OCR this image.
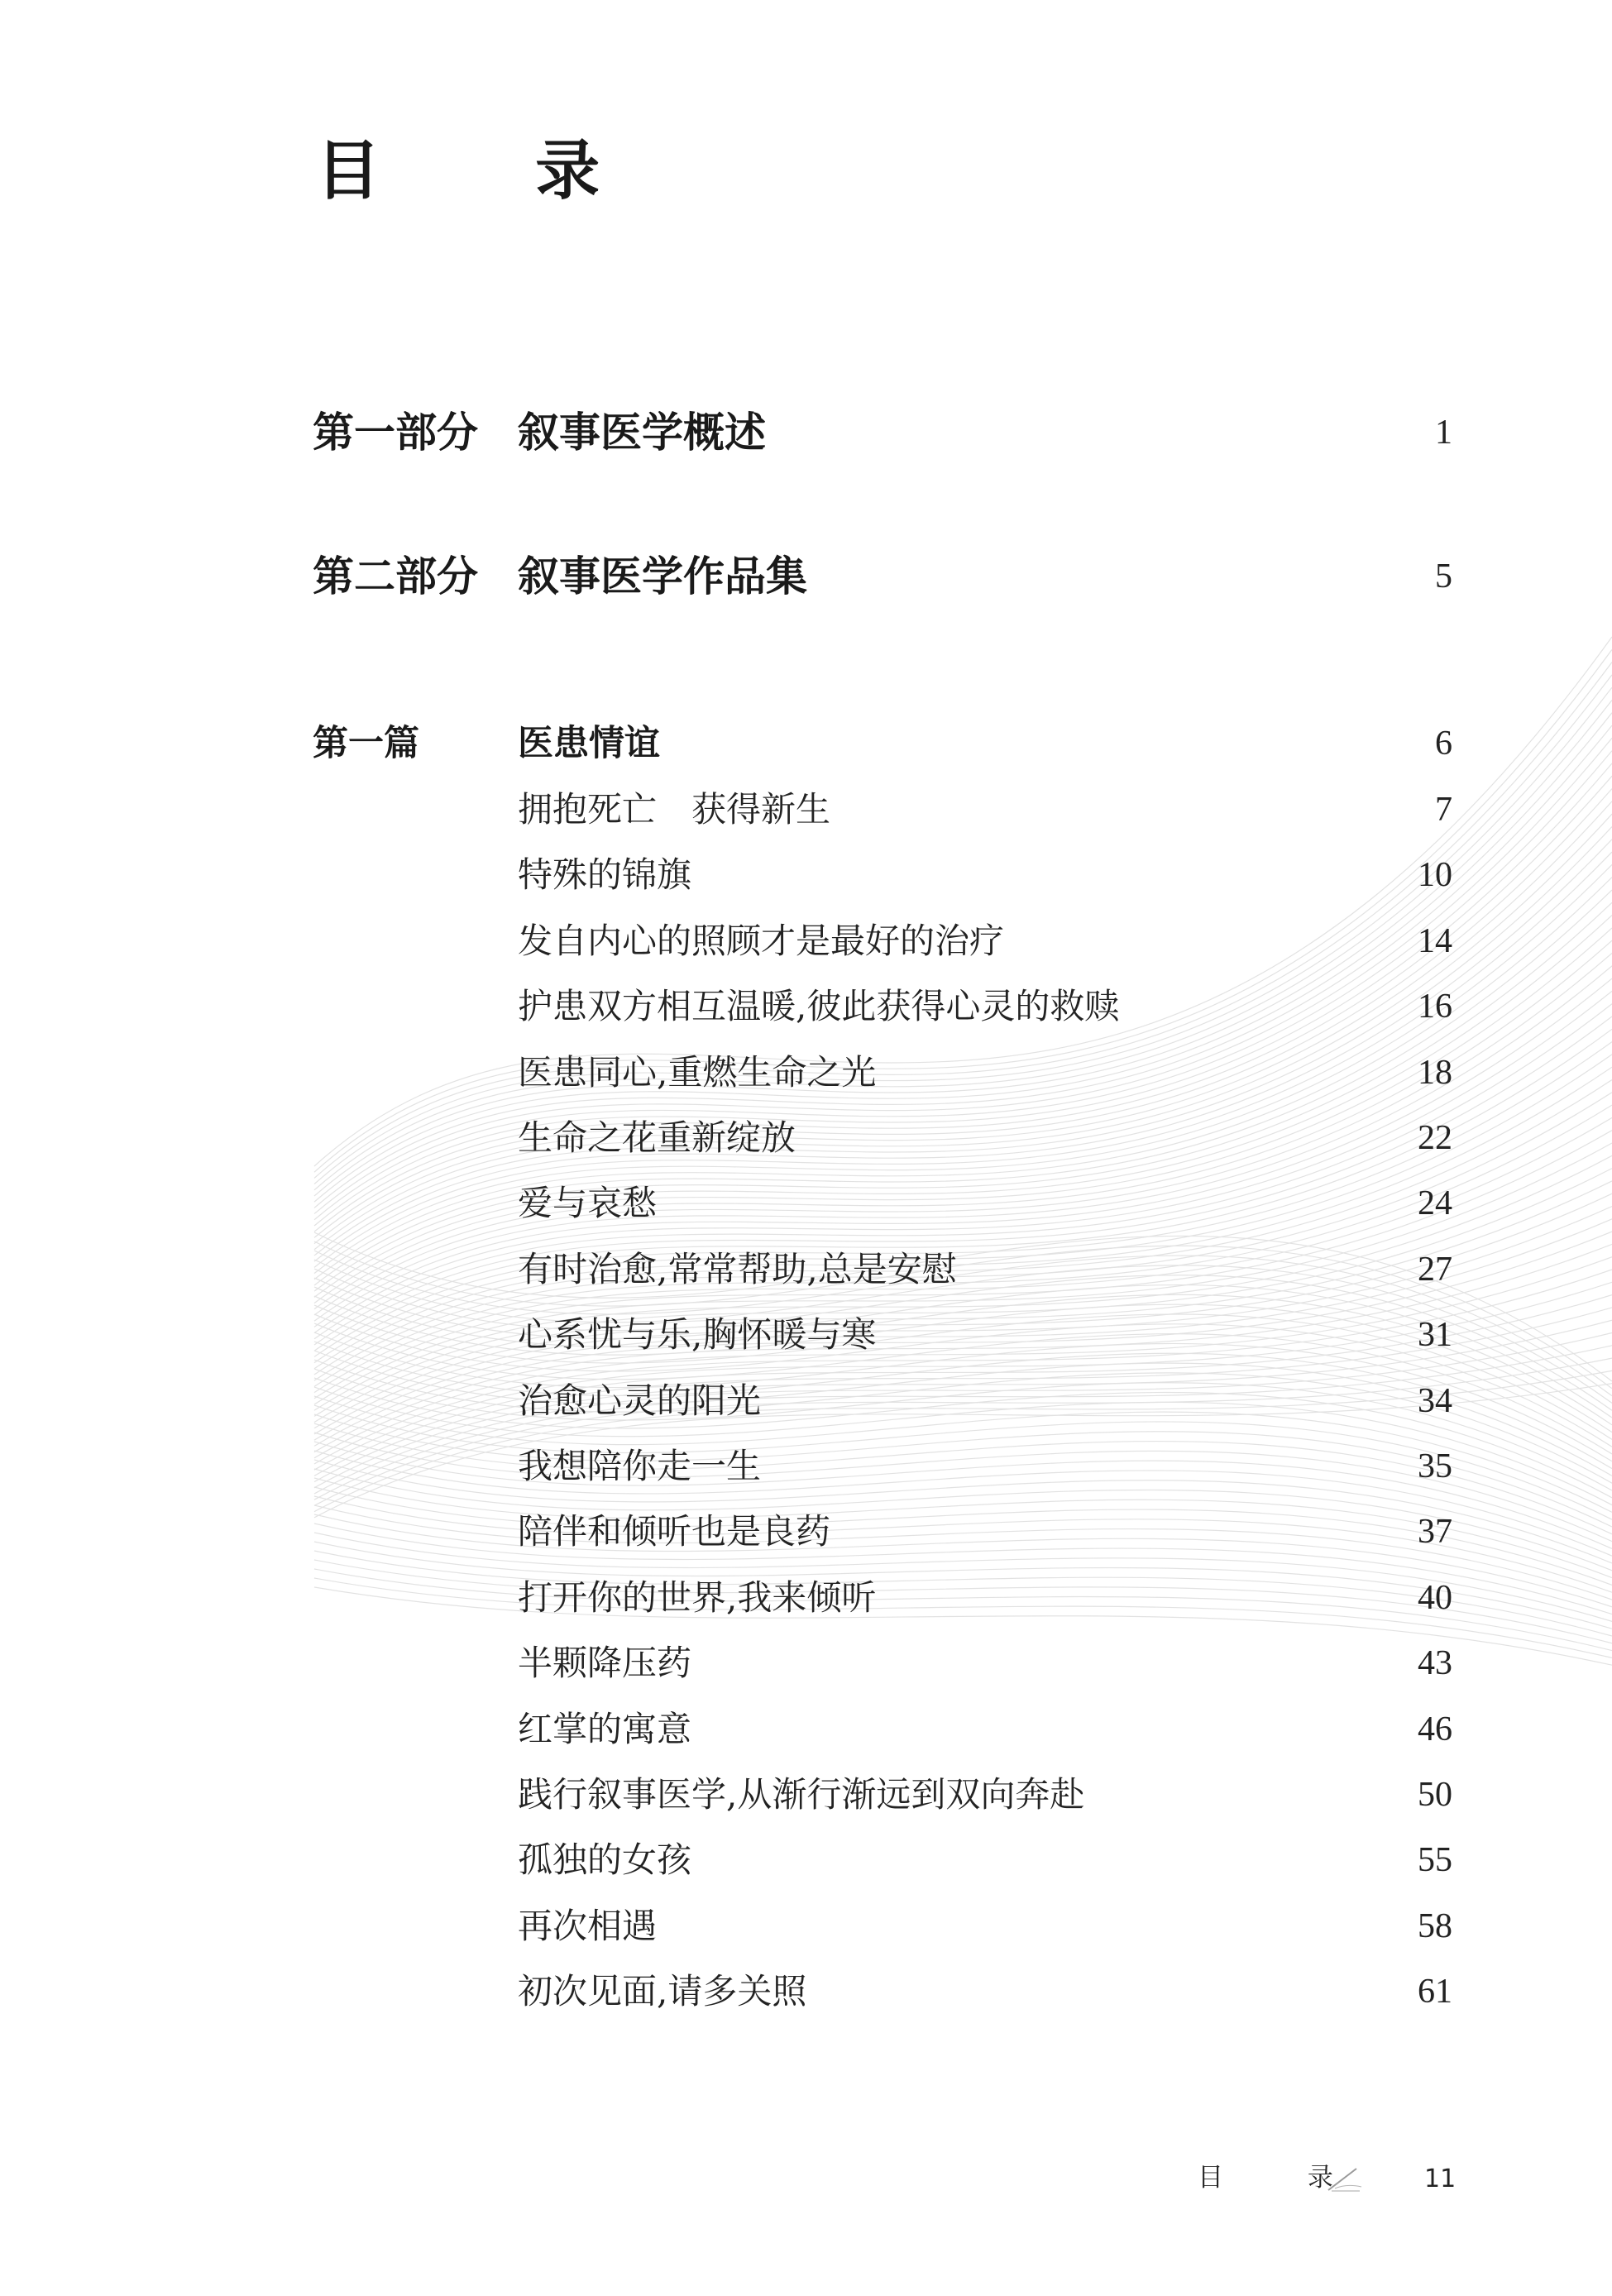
目 录
第一部分 叙事医学概述	1
第二部分 叙事医学作品集	5
第一篇	医患情谊	6
拥抱死亡　获得新生	7
特殊的锦旗	10
发自内心的照顾才是最好的治疗	14
护患双方相互温暖,彼此获得心灵的救赎	16
医患同心,重燃生命之光	18
生命之花重新绽放	22
爱与哀愁	24
有时治愈,常常帮助,总是安慰	27
心系忧与乐,胸怀暖与寒	31
治愈心灵的阳光	34
我想陪你走一生	35
陪伴和倾听也是良药	37
打开你的世界,我来倾听	40
半颗降压药	43
红掌的寓意	46
践行叙事医学,从渐行渐远到双向奔赴	50
孤独的女孩	55
再次相遇	58
初次见面,请多关照	61
目 录 11
